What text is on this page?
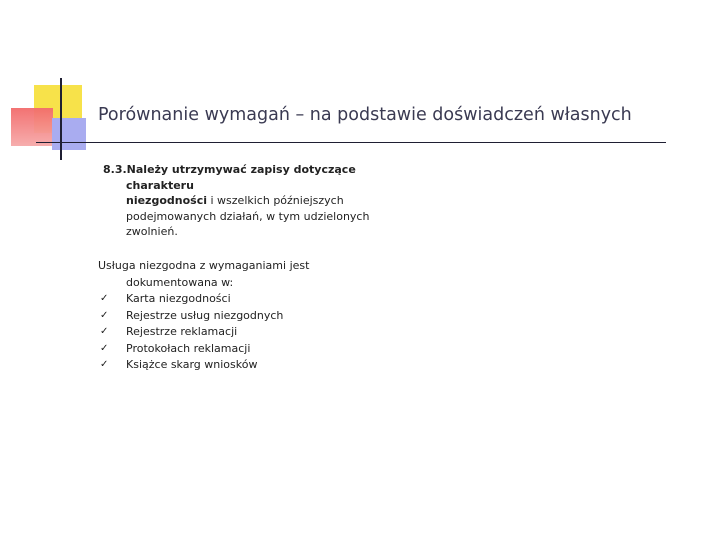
Porównanie wymagań – na podstawie doświadczeń własnych
8.3.Należy utrzymywać zapisy dotyczące
charakteru
niezgodności i wszelkich późniejszych
podejmowanych działań, w tym udzielonych
zwolnień.
Usługa niezgodna z wymaganiami jest
dokumentowana w:
✓ Karta niezgodności
✓ Rejestrze usług niezgodnych
✓ Rejestrze reklamacji
✓ Protokołach reklamacji
✓ Książce skarg wniosków
